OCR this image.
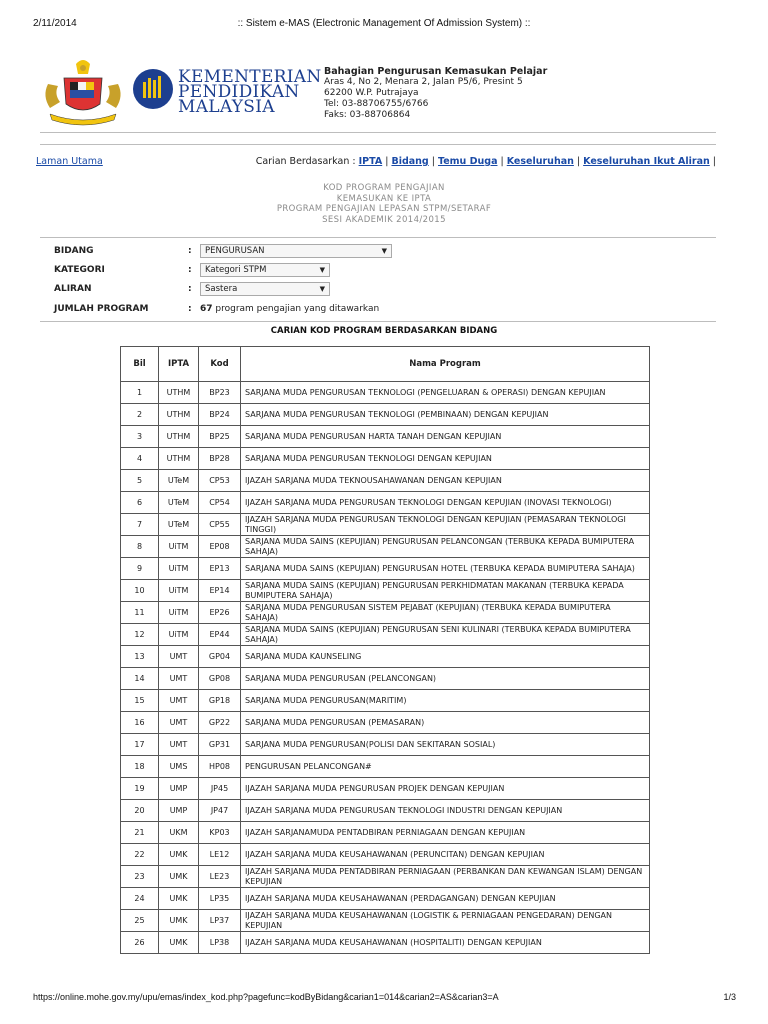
2/11/2014	:: Sistem e-MAS (Electronic Management Of Admission System) ::
KEMENTERIAN
PENDIDIKAN
MALAYSIA
Bahagian Pengurusan Kemasukan Pelajar
Aras 4, No 2, Menara 2, Jalan P5/6, Presint 5
62200 W.P. Putrajaya
Tel: 03-88706755/6766
Faks: 03-88706864
Laman Utama	Carian Berdasarkan : IPTA | Bidang | Temu Duga | Keseluruhan | Keseluruhan Ikut Aliran |
KOD PROGRAM PENGAJIAN
KEMASUKAN KE IPTA
PROGRAM PENGAJIAN LEPASAN STPM/SETARAF
SESI AKADEMIK 2014/2015
BIDANG	:	PENGURUSAN	▼
KATEGORI	:	Kategori STPM	▼
ALIRAN	:	Sastera	▼
JUMLAH PROGRAM	: 67 program pengajian yang ditawarkan
CARIAN KOD PROGRAM BERDASARKAN BIDANG
Bil	IPTA	Kod	Nama Program
1	UTHM	BP23	SARJANA MUDA PENGURUSAN TEKNOLOGI (PENGELUARAN & OPERASI) DENGAN KEPUJIAN
2	UTHM	BP24	SARJANA MUDA PENGURUSAN TEKNOLOGI (PEMBINAAN) DENGAN KEPUJIAN
3	UTHM	BP25	SARJANA MUDA PENGURUSAN HARTA TANAH DENGAN KEPUJIAN
4	UTHM	BP28	SARJANA MUDA PENGURUSAN TEKNOLOGI DENGAN KEPUJIAN
5	UTeM	CP53	IJAZAH SARJANA MUDA TEKNOUSAHAWANAN DENGAN KEPUJIAN
6	UTeM	CP54	IJAZAH SARJANA MUDA PENGURUSAN TEKNOLOGI DENGAN KEPUJIAN (INOVASI TEKNOLOGI)
7	UTeM	CP55	IJAZAH SARJANA MUDA PENGURUSAN TEKNOLOGI DENGAN KEPUJIAN (PEMASARAN TEKNOLOGI TINGGI)
8	UiTM	EP08	SARJANA MUDA SAINS (KEPUJIAN) PENGURUSAN PELANCONGAN (TERBUKA KEPADA BUMIPUTERA SAHAJA)
9	UiTM	EP13	SARJANA MUDA SAINS (KEPUJIAN) PENGURUSAN HOTEL (TERBUKA KEPADA BUMIPUTERA SAHAJA)
10	UiTM	EP14	SARJANA MUDA SAINS (KEPUJIAN) PENGURUSAN PERKHIDMATAN MAKANAN (TERBUKA KEPADA BUMIPUTERA SAHAJA)
11	UiTM	EP26	SARJANA MUDA PENGURUSAN SISTEM PEJABAT (KEPUJIAN) (TERBUKA KEPADA BUMIPUTERA SAHAJA)
12	UiTM	EP44	SARJANA MUDA SAINS (KEPUJIAN) PENGURUSAN SENI KULINARI (TERBUKA KEPADA BUMIPUTERA SAHAJA)
13	UMT	GP04	SARJANA MUDA KAUNSELING
14	UMT	GP08	SARJANA MUDA PENGURUSAN (PELANCONGAN)
15	UMT	GP18	SARJANA MUDA PENGURUSAN(MARITIM)
16	UMT	GP22	SARJANA MUDA PENGURUSAN (PEMASARAN)
17	UMT	GP31	SARJANA MUDA PENGURUSAN(POLISI DAN SEKITARAN SOSIAL)
18	UMS	HP08	PENGURUSAN PELANCONGAN#
19	UMP	JP45	IJAZAH SARJANA MUDA PENGURUSAN PROJEK DENGAN KEPUJIAN
20	UMP	JP47	IJAZAH SARJANA MUDA PENGURUSAN TEKNOLOGI INDUSTRI DENGAN KEPUJIAN
21	UKM	KP03	IJAZAH SARJANAMUDA PENTADBIRAN PERNIAGAAN DENGAN KEPUJIAN
22	UMK	LE12	IJAZAH SARJANA MUDA KEUSAHAWANAN (PERUNCITAN) DENGAN KEPUJIAN
23	UMK	LE23	IJAZAH SARJANA MUDA PENTADBIRAN PERNIAGAAN (PERBANKAN DAN KEWANGAN ISLAM) DENGAN KEPUJIAN
24	UMK	LP35	IJAZAH SARJANA MUDA KEUSAHAWANAN (PERDAGANGAN) DENGAN KEPUJIAN
25	UMK	LP37	IJAZAH SARJANA MUDA KEUSAHAWANAN (LOGISTIK & PERNIAGAAN PENGEDARAN) DENGAN KEPUJIAN
26	UMK	LP38	IJAZAH SARJANA MUDA KEUSAHAWANAN (HOSPITALITI) DENGAN KEPUJIAN
https://online.mohe.gov.my/upu/emas/index_kod.php?pagefunc=kodByBidang&carian1=014&carian2=AS&carian3=A	1/3
